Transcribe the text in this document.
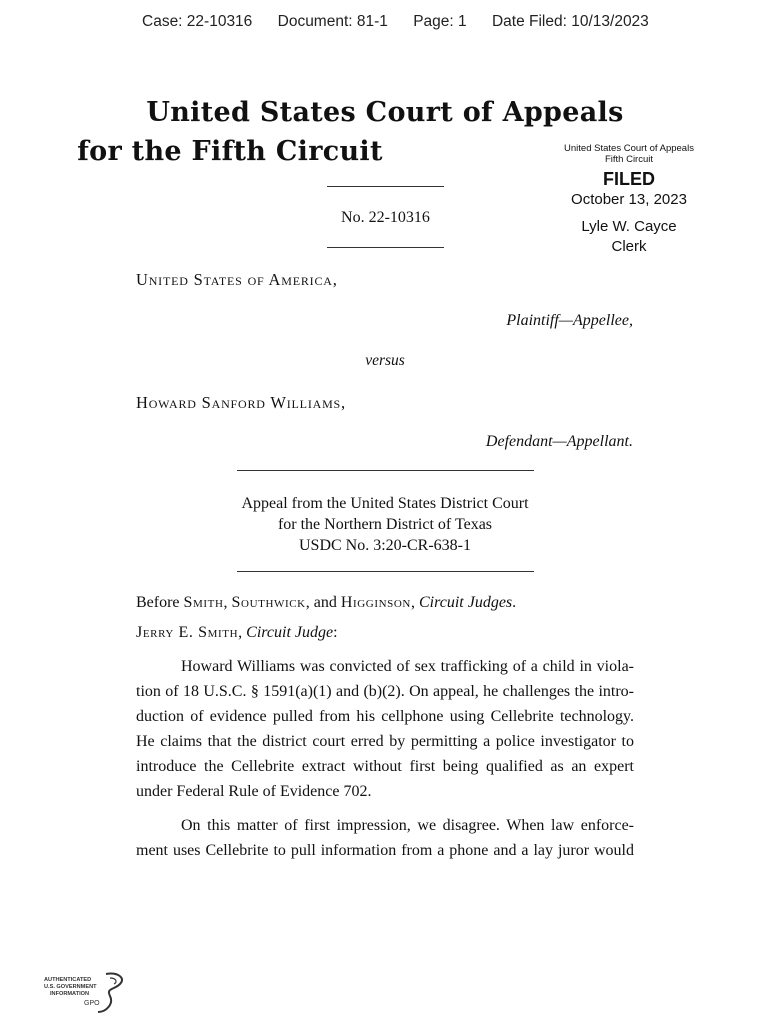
Case: 22-10316 Document: 81-1 Page: 1 Date Filed: 10/13/2023
United States Court of Appeals
for the Fifth Circuit
No. 22-10316
United States Court of Appeals
Fifth Circuit
FILED
October 13, 2023
Lyle W. Cayce
Clerk
United States of America,
Plaintiff—Appellee,
versus
Howard Sanford Williams,
Defendant—Appellant.
Appeal from the United States District Court
for the Northern District of Texas
USDC No. 3:20-CR-638-1
Before Smith, Southwick, and Higginson, Circuit Judges.
Jerry E. Smith, Circuit Judge:
Howard Williams was convicted of sex trafficking of a child in viola-
tion of 18 U.S.C. § 1591(a)(1) and (b)(2). On appeal, he challenges the intro-
duction of evidence pulled from his cellphone using Cellebrite technology.
He claims that the district court erred by permitting a police investigator to
introduce the Cellebrite extract without first being qualified as an expert
under Federal Rule of Evidence 702.
On this matter of first impression, we disagree. When law enforce-
ment uses Cellebrite to pull information from a phone and a lay juror would
AUTHENTICATED
U.S. GOVERNMENT
INFORMATION
GPO
